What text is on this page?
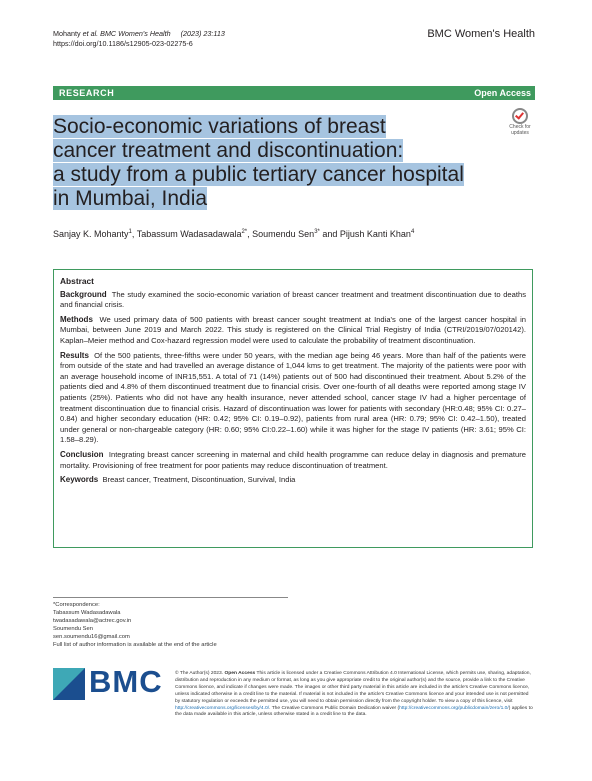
Mohanty et al. BMC Women's Health (2023) 23:113
https://doi.org/10.1186/s12905-023-02275-6
BMC Women's Health
RESEARCH	Open Access
Check for
updates
Socio-economic variations of breast
cancer treatment and discontinuation:
a study from a public tertiary cancer hospital
in Mumbai, India
Sanjay K. Mohanty$^1$, Tabassum Wadasadawala$^{2*}$, Soumendu Sen$^{3*}$ and Pijush Kanti Khan$^4$
Abstract

Background The study examined the socio-economic variation of breast cancer treatment and treatment discontinuation due to deaths and financial crisis.

Methods We used primary data of 500 patients with breast cancer sought treatment at India's one of the largest cancer hospital in Mumbai, between June 2019 and March 2022. This study is registered on the Clinical Trial Registry of India (CTRI/2019/07/020142). Kaplan–Meier method and Cox-hazard regression model were used to calculate the probability of treatment discontinuation.

Results Of the 500 patients, three-fifths were under 50 years, with the median age being 46 years. More than half of the patients were from outside of the state and had travelled an average distance of 1,044 kms to get treatment. The majority of the patients were poor with an average household income of INR15,551. A total of 71 (14%) patients out of 500 had discontinued their treatment. About 5.2% of the patients died and 4.8% of them discontinued treatment due to financial crisis. Over one-fourth of all deaths were reported among stage IV patients (25%). Patients who did not have any health insurance, never attended school, cancer stage IV had a higher percentage of treatment discontinuation due to financial crisis. Hazard of discontinuation was lower for patients with secondary (HR:0.48; 95% CI: 0.27–0.84) and higher secondary education (HR: 0.42; 95% CI: 0.19–0.92), patients from rural area (HR: 0.79; 95% CI: 0.42–1.50), treated under general or non-chargeable category (HR: 0.60; 95% CI:0.22–1.60) while it was higher for the stage IV patients (HR: 3.61; 95% CI: 1.58–8.29).

Conclusion Integrating breast cancer screening in maternal and child health programme can reduce delay in diagnosis and premature mortality. Provisioning of free treatment for poor patients may reduce discontinuation of treatment.

Keywords Breast cancer, Treatment, Discontinuation, Survival, India

*Correspondence:
Tabassum Wadasadawala
twadasadawala@actrec.gov.in
Soumendu Sen
sen.soumendu16@gmail.com
Full list of author information is available at the end of the article
BMC	© The Author(s) 2023. Open Access This article is licensed under a Creative Commons Attribution 4.0 International License, which permits use, sharing, adaptation, distribution and reproduction in any medium or format, as long as you give appropriate credit to the original author(s) and the source, provide a link to the Creative Commons licence, and indicate if changes were made. The images or other third party material in this article are included in the article's Creative Commons licence, unless indicated otherwise in a credit line to the material. If material is not included in the article's Creative Commons licence and your intended use is not permitted by statutory regulation or exceeds the permitted use, you will need to obtain permission directly from the copyright holder. To view a copy of this licence, visit http://creativecommons.org/licenses/by/4.0/. The Creative Commons Public Domain Dedication waiver (http://creativecommons.org/publicdomain/zero/1.0/) applies to the data made available in this article, unless otherwise stated in a credit line to the data.
